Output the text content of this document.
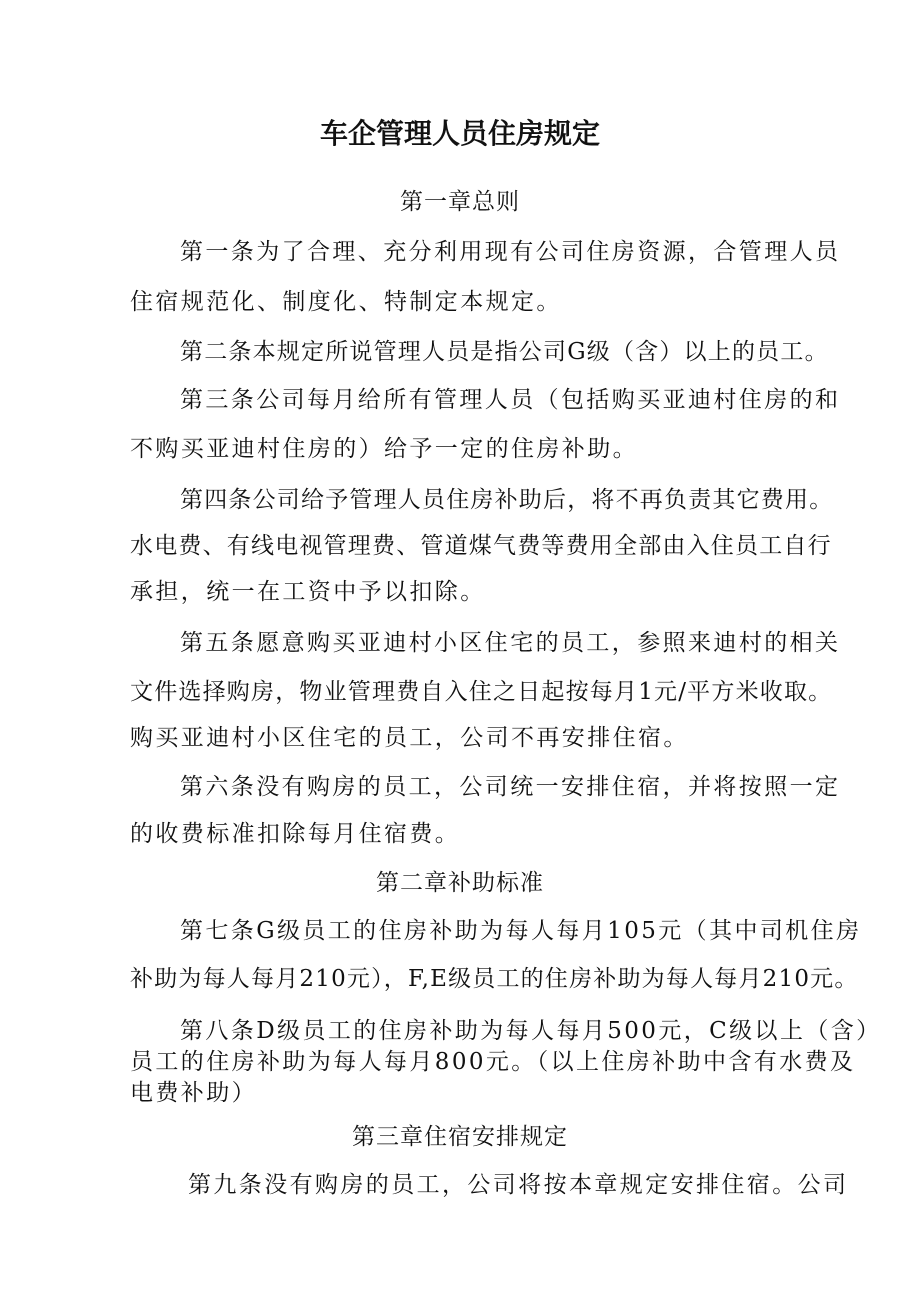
车企管理人员住房规定
第一章总则
第一条为了合理、充分利用现有公司住房资源，合管理人员
住宿规范化、制度化、特制定本规定。
第二条本规定所说管理人员是指公司G级（含）以上的员工。
第三条公司每月给所有管理人员（包括购买亚迪村住房的和
不购买亚迪村住房的）给予一定的住房补助。
第四条公司给予管理人员住房补助后，将不再负责其它费用。
水电费、有线电视管理费、管道煤气费等费用全部由入住员工自行
承担，统一在工资中予以扣除。
第五条愿意购买亚迪村小区住宅的员工，参照来迪村的相关
文件选择购房，物业管理费自入住之日起按每月1元/平方米收取。
购买亚迪村小区住宅的员工，公司不再安排住宿。
第六条没有购房的员工，公司统一安排住宿，并将按照一定
的收费标准扣除每月住宿费。
第二章补助标准
第七条G级员工的住房补助为每人每月105元（其中司机住房
补助为每人每月210元），F,E级员工的住房补助为每人每月210元。
第八条D级员工的住房补助为每人每月500元，C级以上（含）
员工的住房补助为每人每月800元。（以上住房补助中含有水费及
电费补助）
第三章住宿安排规定
第九条没有购房的员工，公司将按本章规定安排住宿。公司
